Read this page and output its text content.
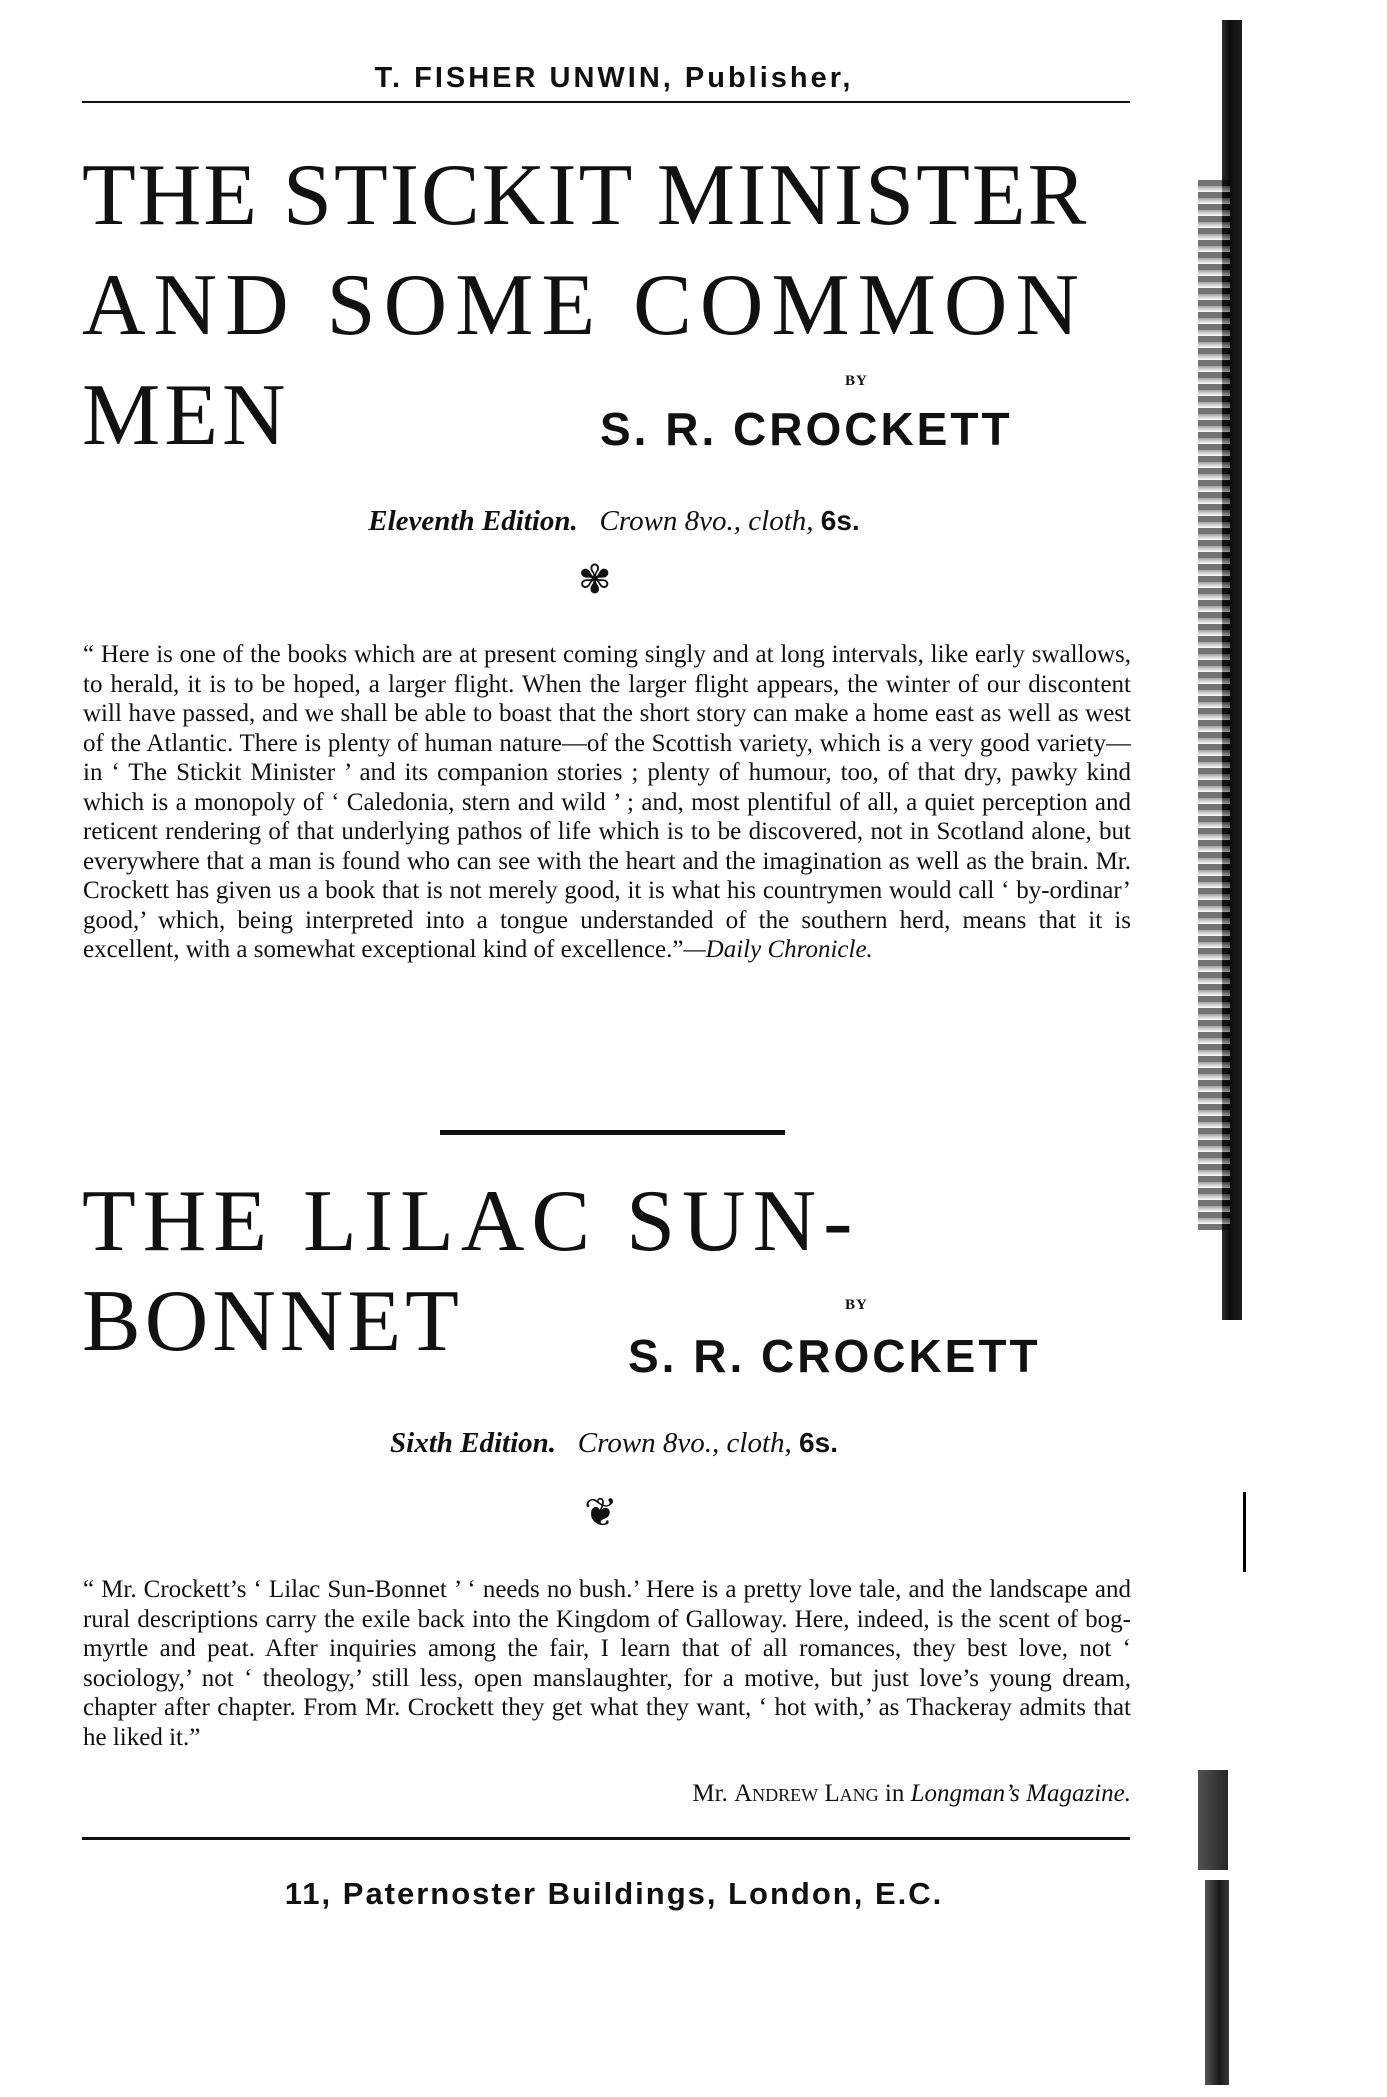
T. FISHER UNWIN, Publisher,
THE STICKIT MINISTER
AND SOME COMMON
MEN	BY
S. R. CROCKETT
Eleventh Edition. Crown 8vo., cloth, 6s.
✾
“ Here is one of the books which are at present coming singly and at long intervals, like early swallows, to herald, it is to be hoped, a larger flight. When the larger flight appears, the winter of our discontent will have passed, and we shall be able to boast that the short story can make a home east as well as west of the Atlantic. There is plenty of human nature—of the Scottish variety, which is a very good variety—in ‘ The Stickit Minister ’ and its companion stories ; plenty of humour, too, of that dry, pawky kind which is a monopoly of ‘ Caledonia, stern and wild ’ ; and, most plentiful of all, a quiet perception and reticent rendering of that underlying pathos of life which is to be discovered, not in Scotland alone, but everywhere that a man is found who can see with the heart and the imagination as well as the brain. Mr. Crockett has given us a book that is not merely good, it is what his countrymen would call ‘ by-ordinar’ good,’ which, being interpreted into a tongue understanded of the southern herd, means that it is excellent, with a somewhat exceptional kind of excellence.”—Daily Chronicle.
THE LILAC SUN-
BONNET	BY
S. R. CROCKETT
Sixth Edition. Crown 8vo., cloth, 6s.
❦
“ Mr. Crockett’s ‘ Lilac Sun-Bonnet ’ ‘ needs no bush.’ Here is a pretty love tale, and the landscape and rural descriptions carry the exile back into the Kingdom of Galloway. Here, indeed, is the scent of bog-myrtle and peat. After inquiries among the fair, I learn that of all romances, they best love, not ‘ sociology,’ not ‘ theology,’ still less, open manslaughter, for a motive, but just love’s young dream, chapter after chapter. From Mr. Crockett they get what they want, ‘ hot with,’ as Thackeray admits that he liked it.”
Mr. Andrew Lang in Longman’s Magazine.
11, Paternoster Buildings, London, E.C.
